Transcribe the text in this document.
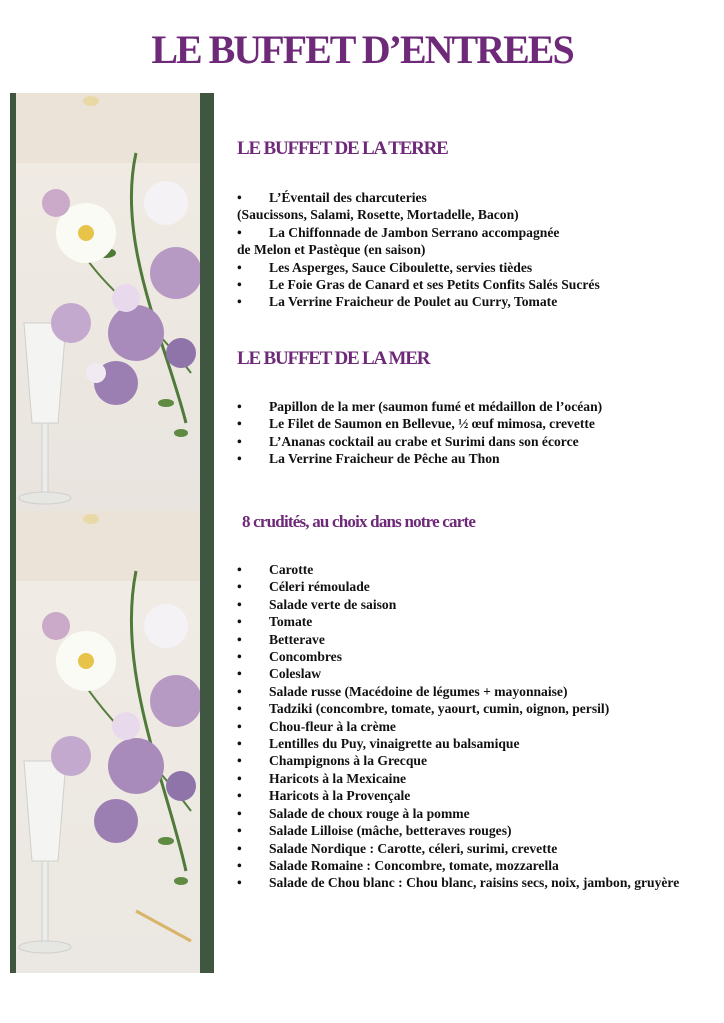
LE BUFFET D’ENTREES
LE BUFFET DE LA TERRE
• L’Éventail des charcuteries
(Saucissons, Salami, Rosette, Mortadelle, Bacon)
• La Chiffonnade de Jambon Serrano accompagnée
de Melon et Pastèque (en saison)
• Les Asperges, Sauce Ciboulette, servies tièdes
• Le Foie Gras de Canard et ses Petits Confits Salés Sucrés
• La Verrine Fraicheur de Poulet au Curry, Tomate
LE BUFFET DE LA MER
• Papillon de la mer (saumon fumé et médaillon de l’océan)
• Le Filet de Saumon en Bellevue, ½ œuf mimosa, crevette
• L’Ananas cocktail au crabe et Surimi dans son écorce
• La Verrine Fraicheur de Pêche au Thon
8 crudités, au choix dans notre carte
• Carotte
• Céleri rémoulade
• Salade verte de saison
• Tomate
• Betterave
• Concombres
• Coleslaw
• Salade russe (Macédoine de légumes + mayonnaise)
• Tadziki (concombre, tomate, yaourt, cumin, oignon, persil)
• Chou-fleur à la crème
• Lentilles du Puy, vinaigrette au balsamique
• Champignons à la Grecque
• Haricots à la Mexicaine
• Haricots à la Provençale
• Salade de choux rouge à la pomme
• Salade Lilloise (mâche, betteraves rouges)
• Salade Nordique : Carotte, céleri, surimi, crevette
• Salade Romaine : Concombre, tomate, mozzarella
• Salade de Chou blanc : Chou blanc, raisins secs, noix, jambon, gruyère
